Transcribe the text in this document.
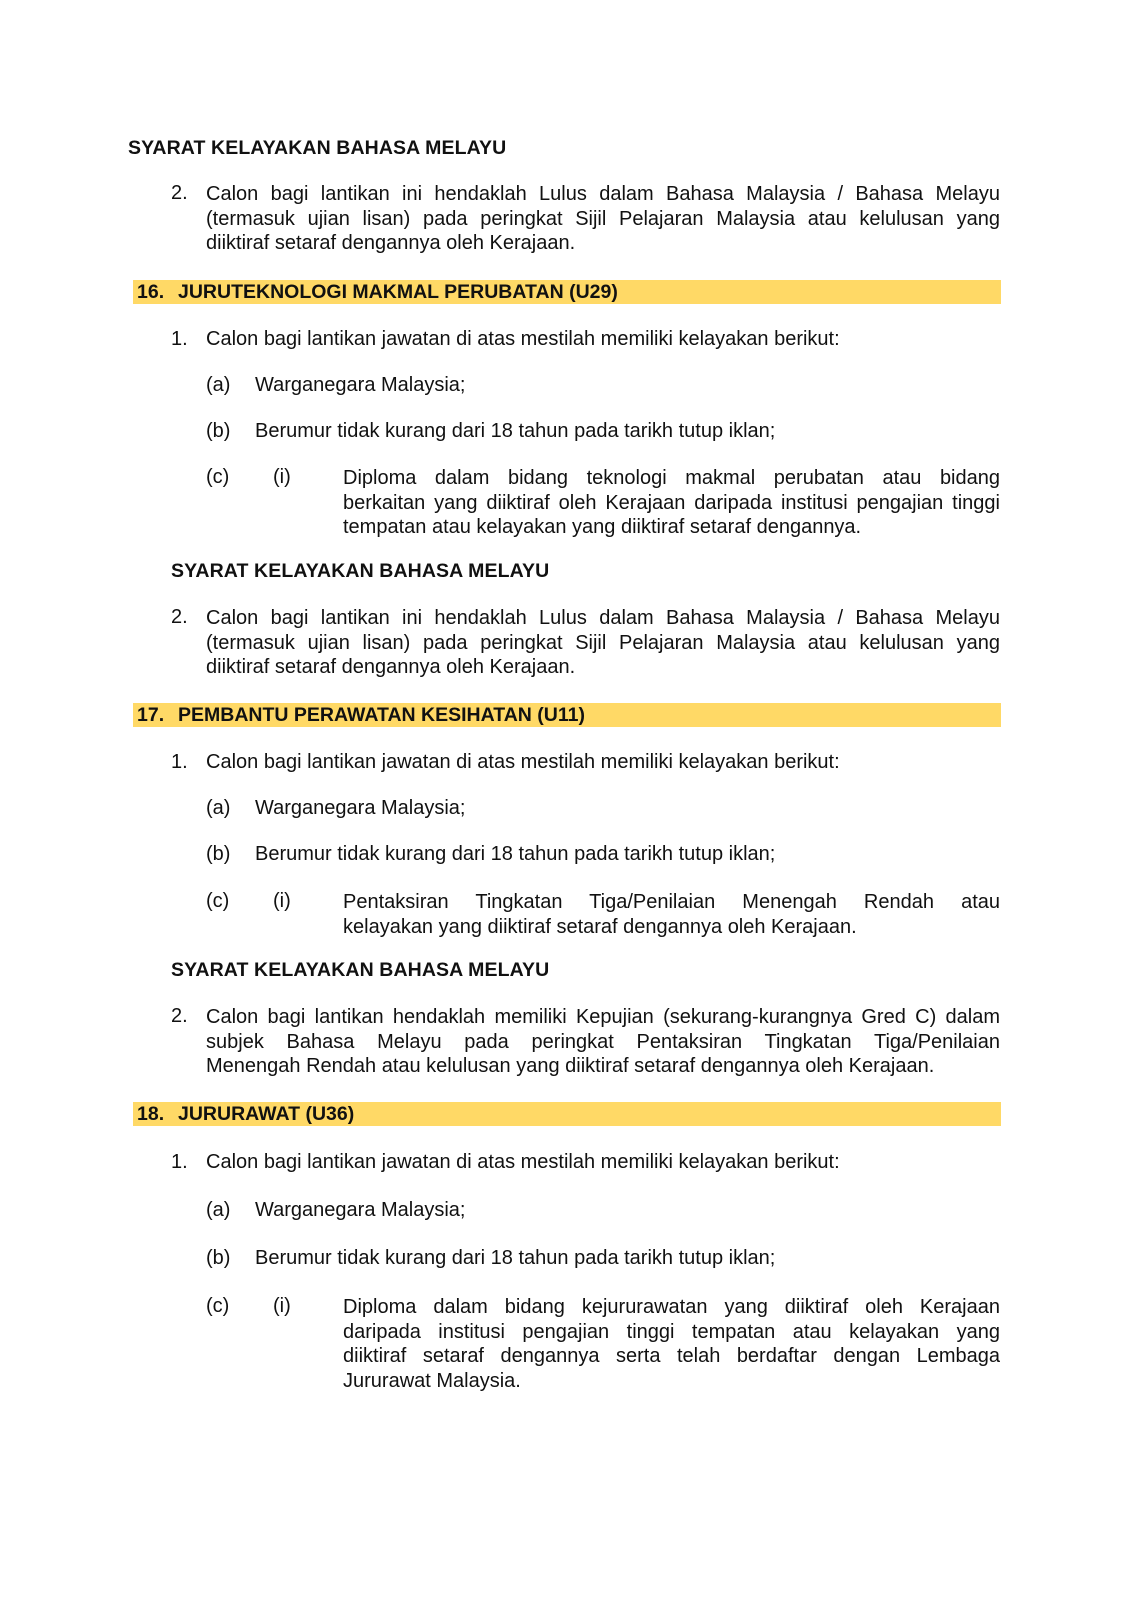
SYARAT KELAYAKAN BAHASA MELAYU
2. Calon bagi lantikan ini hendaklah Lulus dalam Bahasa Malaysia / Bahasa Melayu
(termasuk ujian lisan) pada peringkat Sijil Pelajaran Malaysia atau kelulusan yang
diiktiraf setaraf dengannya oleh Kerajaan.
16. JURUTEKNOLOGI MAKMAL PERUBATAN (U29)
1. Calon bagi lantikan jawatan di atas mestilah memiliki kelayakan berikut:
(a) Warganegara Malaysia;
(b) Berumur tidak kurang dari 18 tahun pada tarikh tutup iklan;
(c) (i)	Diploma dalam bidang teknologi makmal perubatan atau bidang
berkaitan yang diiktiraf oleh Kerajaan daripada institusi pengajian tinggi
tempatan atau kelayakan yang diiktiraf setaraf dengannya.
SYARAT KELAYAKAN BAHASA MELAYU
2. Calon bagi lantikan ini hendaklah Lulus dalam Bahasa Malaysia / Bahasa Melayu
(termasuk ujian lisan) pada peringkat Sijil Pelajaran Malaysia atau kelulusan yang
diiktiraf setaraf dengannya oleh Kerajaan.
17. PEMBANTU PERAWATAN KESIHATAN (U11)
1. Calon bagi lantikan jawatan di atas mestilah memiliki kelayakan berikut:
(a) Warganegara Malaysia;
(b) Berumur tidak kurang dari 18 tahun pada tarikh tutup iklan;
(c) (i)	Pentaksiran Tingkatan Tiga/Penilaian Menengah Rendah atau
kelayakan yang diiktiraf setaraf dengannya oleh Kerajaan.
SYARAT KELAYAKAN BAHASA MELAYU
2. Calon bagi lantikan hendaklah memiliki Kepujian (sekurang-kurangnya Gred C) dalam
subjek Bahasa Melayu pada peringkat Pentaksiran Tingkatan Tiga/Penilaian
Menengah Rendah atau kelulusan yang diiktiraf setaraf dengannya oleh Kerajaan.
18. JURURAWAT (U36)
1. Calon bagi lantikan jawatan di atas mestilah memiliki kelayakan berikut:
(a) Warganegara Malaysia;
(b) Berumur tidak kurang dari 18 tahun pada tarikh tutup iklan;
(c) (i)	Diploma dalam bidang kejururawatan yang diiktiraf oleh Kerajaan
daripada institusi pengajian tinggi tempatan atau kelayakan yang
diiktiraf setaraf dengannya serta telah berdaftar dengan Lembaga
Jururawat Malaysia.
